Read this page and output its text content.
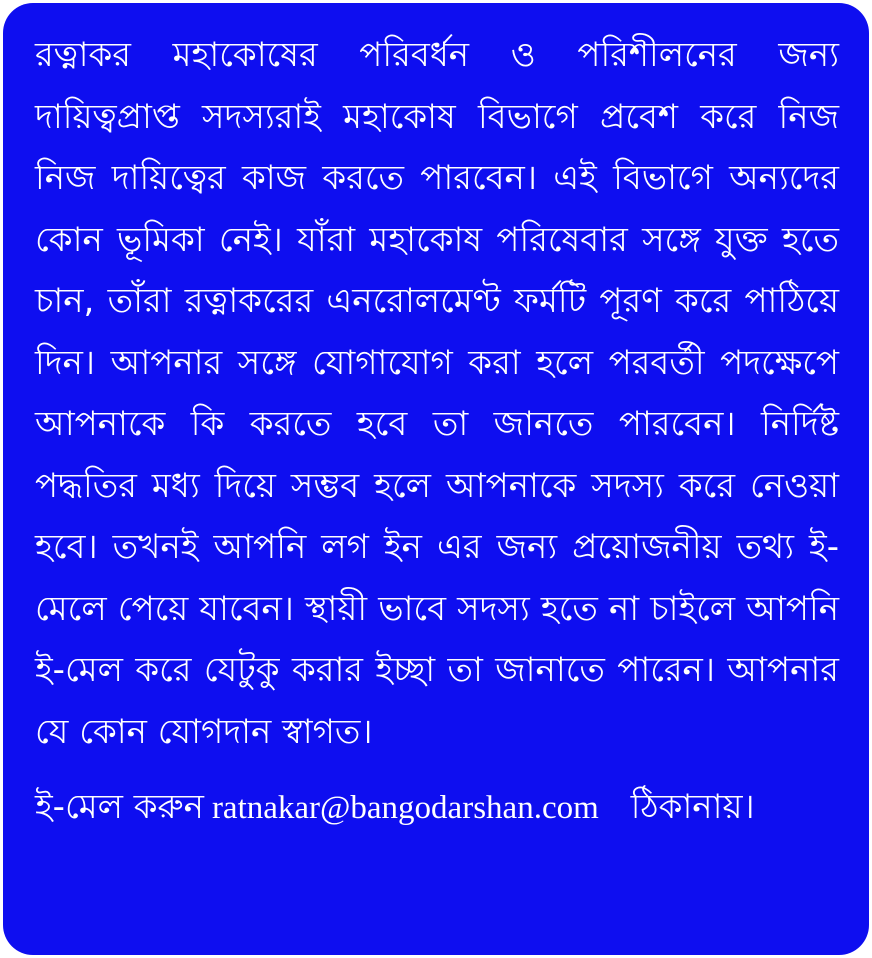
রত্নাকর মহাকোষের পরিবর্ধন ও পরিশীলনের জন্য দায়িত্বপ্রাপ্ত সদস্যরাই মহাকোষ বিভাগে প্রবেশ করে নিজ নিজ দায়িত্বের কাজ করতে পারবেন। এই বিভাগে অন্যদের কোন ভূমিকা নেই। যাঁরা মহাকোষ পরিষেবার সঙ্গে যুক্ত হতে চান, তাঁরা রত্নাকরের এনরোলমেণ্ট ফর্মটি পূরণ করে পাঠিয়ে দিন। আপনার সঙ্গে যোগাযোগ করা হলে পরবর্তী পদক্ষেপে আপনাকে কি করতে হবে তা জানতে পারবেন। নির্দিষ্ট পদ্ধতির মধ্য দিয়ে সম্ভব হলে আপনাকে সদস্য করে নেওয়া হবে। তখনই আপনি লগ ইন এর জন্য প্রয়োজনীয় তথ্য ই-মেলে পেয়ে যাবেন। স্থায়ী ভাবে সদস্য হতে না চাইলে আপনি ই-মেল করে যেটুকু করার ইচ্ছা তা জানাতে পারেন। আপনার যে কোন যোগদান স্বাগত।

ই-মেল করুন ratnakar@bangodarshan.com ঠিকানায়।
